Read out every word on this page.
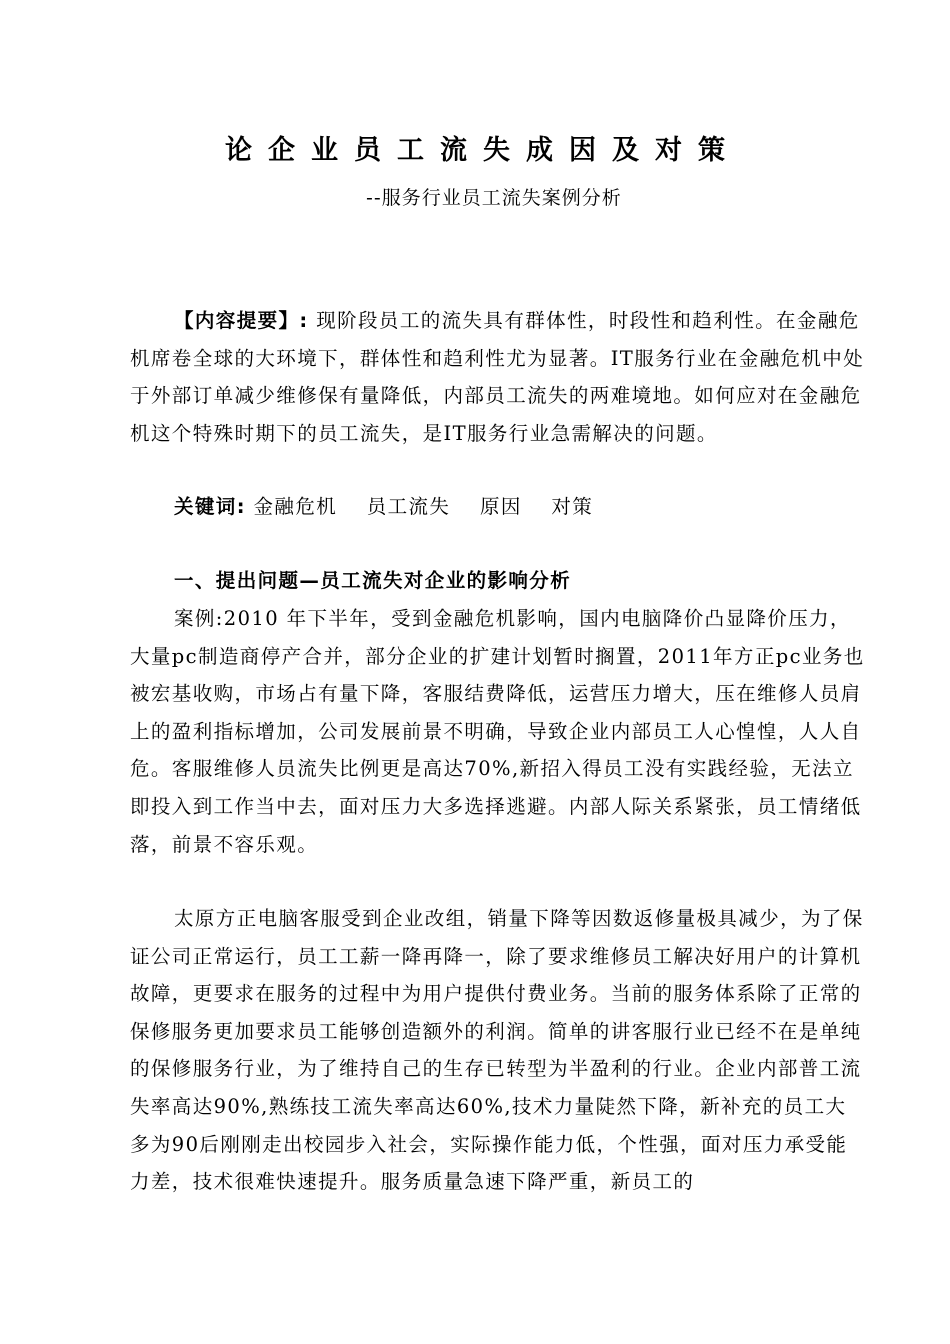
论企业员工流失成因及对策
--服务行业员工流失案例分析
【内容提要】: 现阶段员工的流失具有群体性，时段性和趋利性。在金融危机席卷全球的大环境下，群体性和趋利性尤为显著。IT服务行业在金融危机中处于外部订单减少维修保有量降低，内部员工流失的两难境地。如何应对在金融危机这个特殊时期下的员工流失，是IT服务行业急需解决的问题。
关键词: 金融危机 员工流失 原因 对策
一、提出问题—员工流失对企业的影响分析
案例:2010 年下半年，受到金融危机影响，国内电脑降价凸显降价压力，大量pc制造商停产合并，部分企业的扩建计划暂时搁置，2011年方正pc业务也被宏基收购，市场占有量下降，客服结费降低，运营压力增大，压在维修人员肩上的盈利指标增加，公司发展前景不明确，导致企业内部员工人心惶惶，人人自危。客服维修人员流失比例更是高达70%,新招入得员工没有实践经验，无法立即投入到工作当中去，面对压力大多选择逃避。内部人际关系紧张，员工情绪低落，前景不容乐观。
太原方正电脑客服受到企业改组，销量下降等因数返修量极具减少，为了保证公司正常运行，员工工薪一降再降一，除了要求维修员工解决好用户的计算机故障，更要求在服务的过程中为用户提供付费业务。当前的服务体系除了正常的保修服务更加要求员工能够创造额外的利润。简单的讲客服行业已经不在是单纯的保修服务行业，为了维持自己的生存已转型为半盈利的行业。企业内部普工流失率高达90%,熟练技工流失率高达60%,技术力量陡然下降，新补充的员工大多为90后刚刚走出校园步入社会，实际操作能力低，个性强，面对压力承受能力差，技术很难快速提升。服务质量急速下降严重，新员工的
